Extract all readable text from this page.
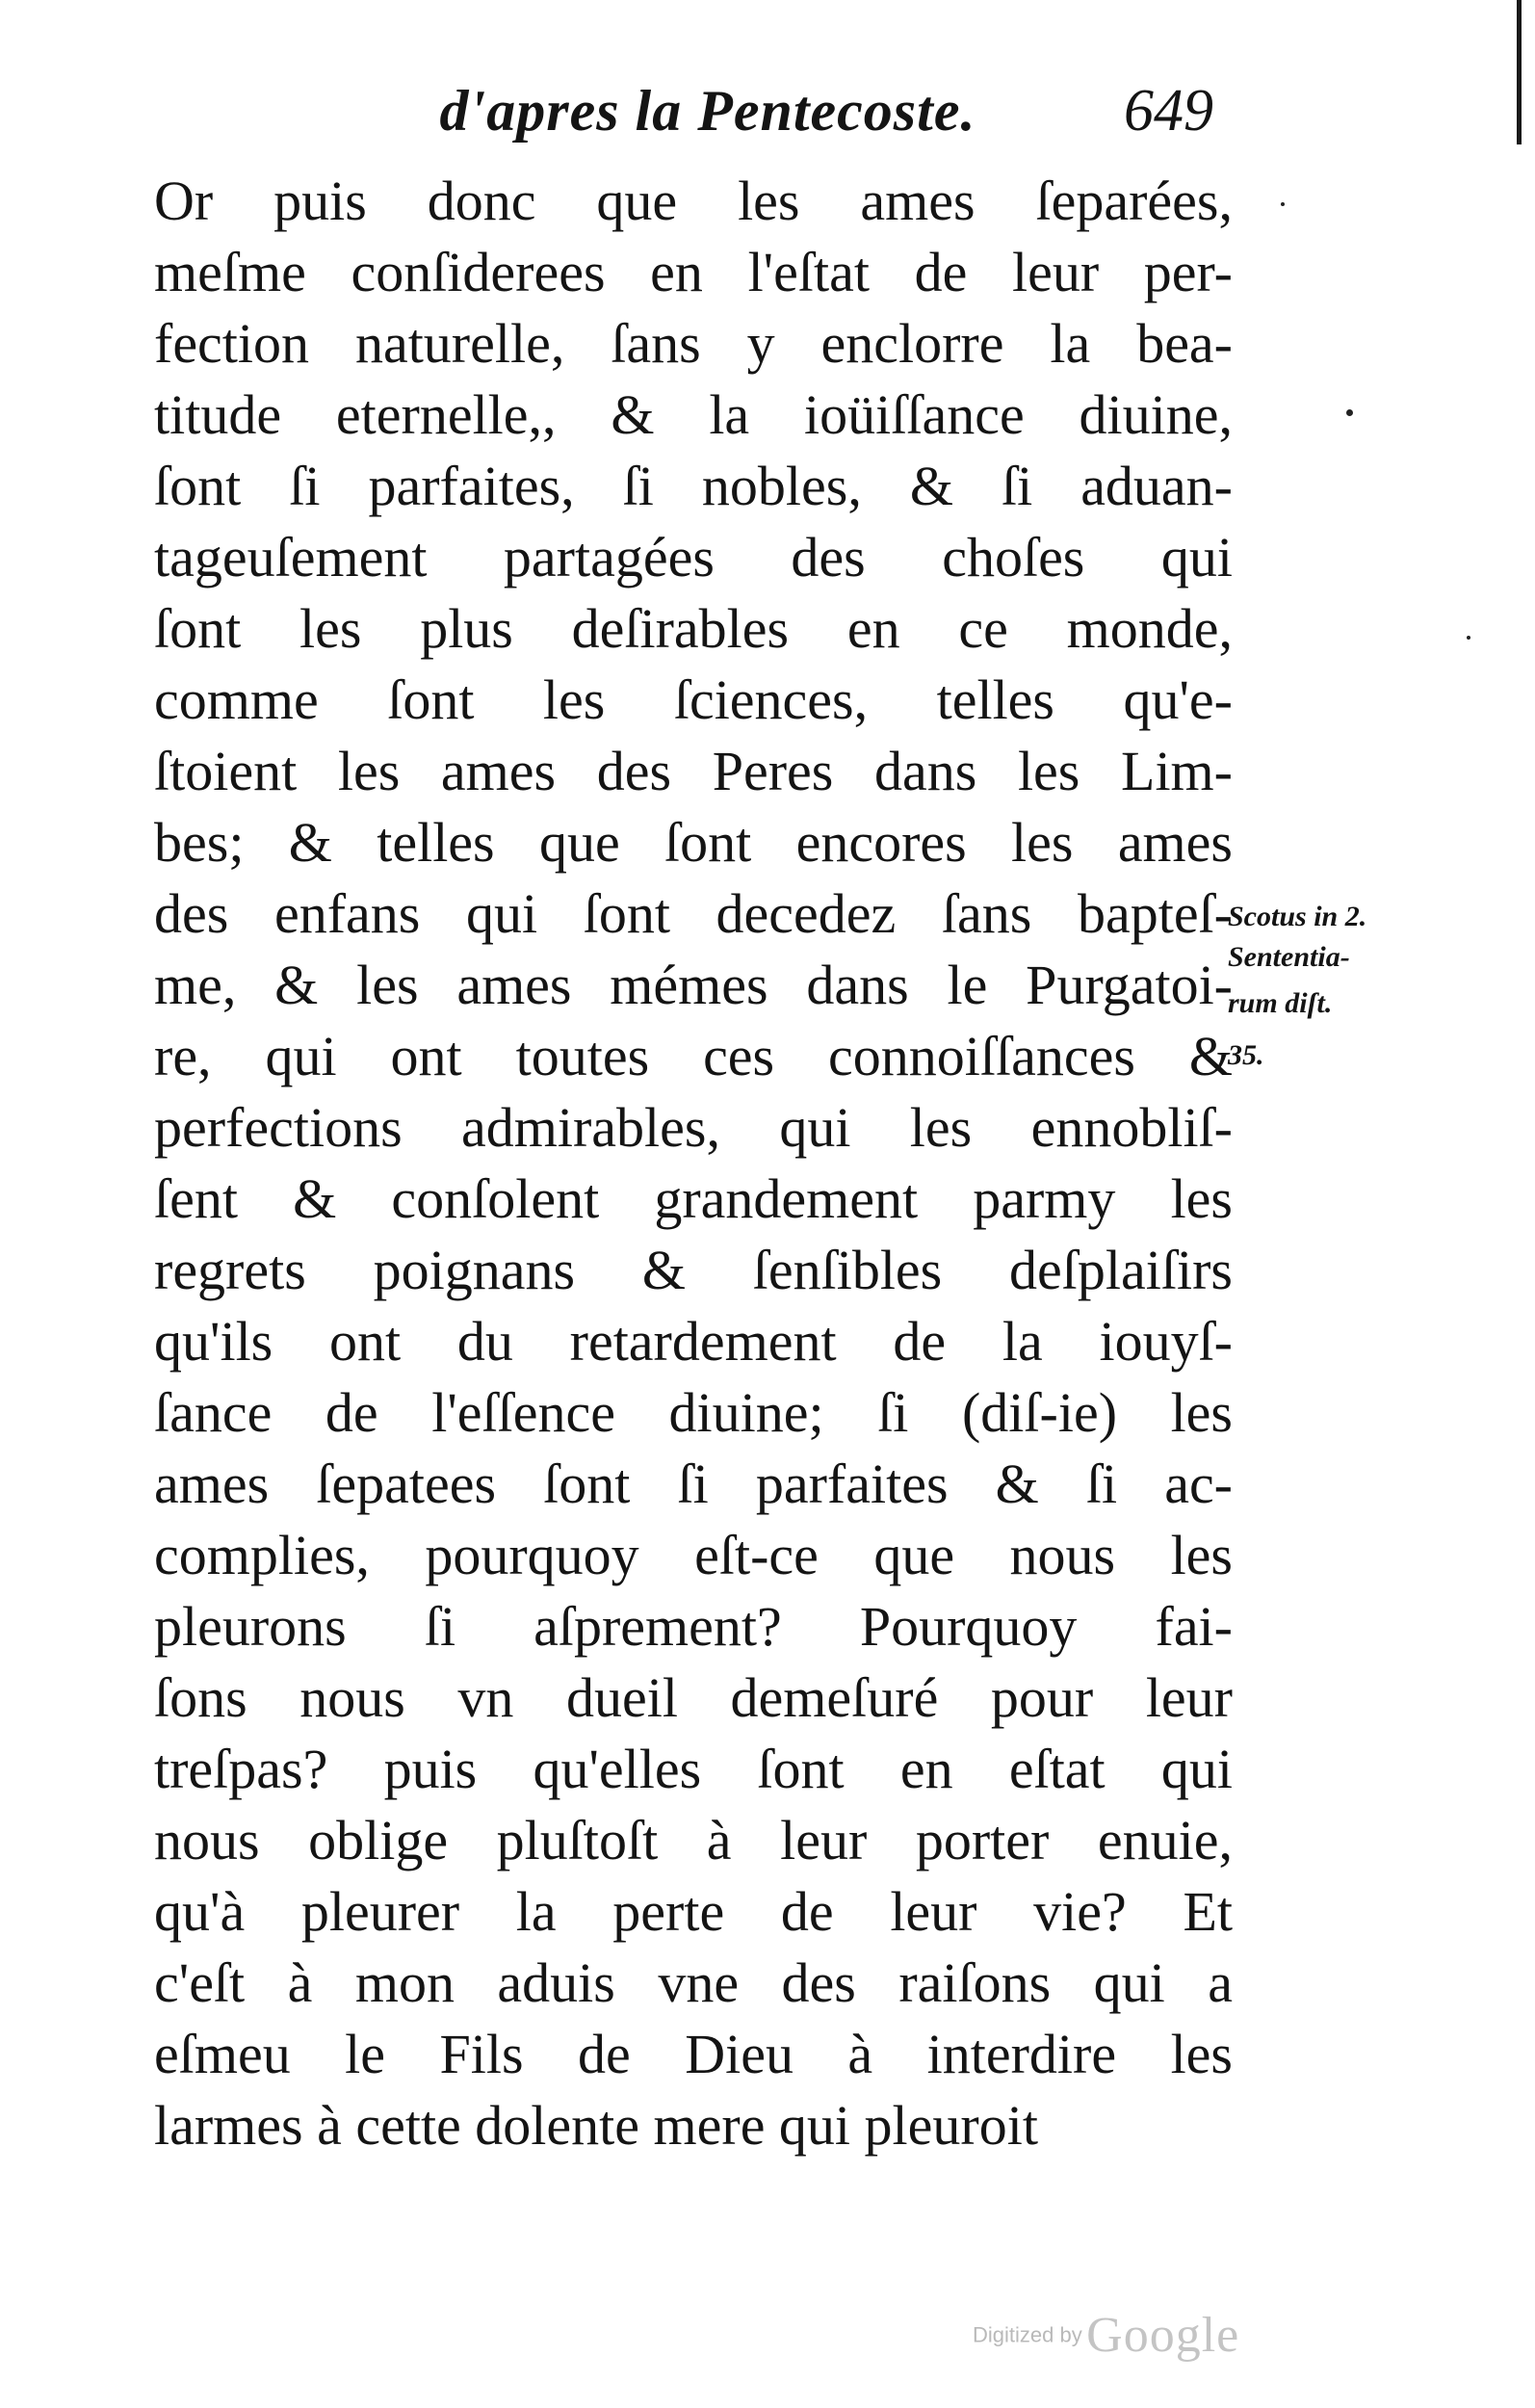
d'apres la Pentecoste.	649
Or puis donc que les ames ſeparées,
meſme conſiderees en l'eſtat de leur per-
fection naturelle, ſans y enclorre la bea-
titude eternelle,, & la ioüiſſance diuine,
ſont ſi parfaites, ſi nobles, & ſi aduan-
tageuſement partagées des choſes qui
ſont les plus deſirables en ce monde,
comme ſont les ſciences, telles qu'e-
ſtoient les ames des Peres dans les Lim-
bes; & telles que ſont encores les ames
des enfans qui ſont decedez ſans bapteſ-
me, & les ames mémes dans le Purgatoi-
re, qui ont toutes ces connoiſſances &
perfections admirables, qui les ennobliſ-
ſent & conſolent grandement parmy les
regrets poignans & ſenſibles deſplaiſirs
qu'ils ont du retardement de la iouyſ-
ſance de l'eſſence diuine; ſi (diſ-ie) les
ames ſepatees ſont ſi parfaites & ſi ac-
complies, pourquoy eſt-ce que nous les
pleurons ſi aſprement? Pourquoy fai-
ſons nous vn dueil demeſuré pour leur
treſpas? puis qu'elles ſont en eſtat qui
nous oblige pluſtoſt à leur porter enuie,
qu'à pleurer la perte de leur vie? Et
c'eſt à mon aduis vne des raiſons qui a
eſmeu le Fils de Dieu à interdire les
larmes à cette dolente mere qui pleuroit
Scotus in 2.
Sententia-
rum diſt.
35.
Digitized by Google
